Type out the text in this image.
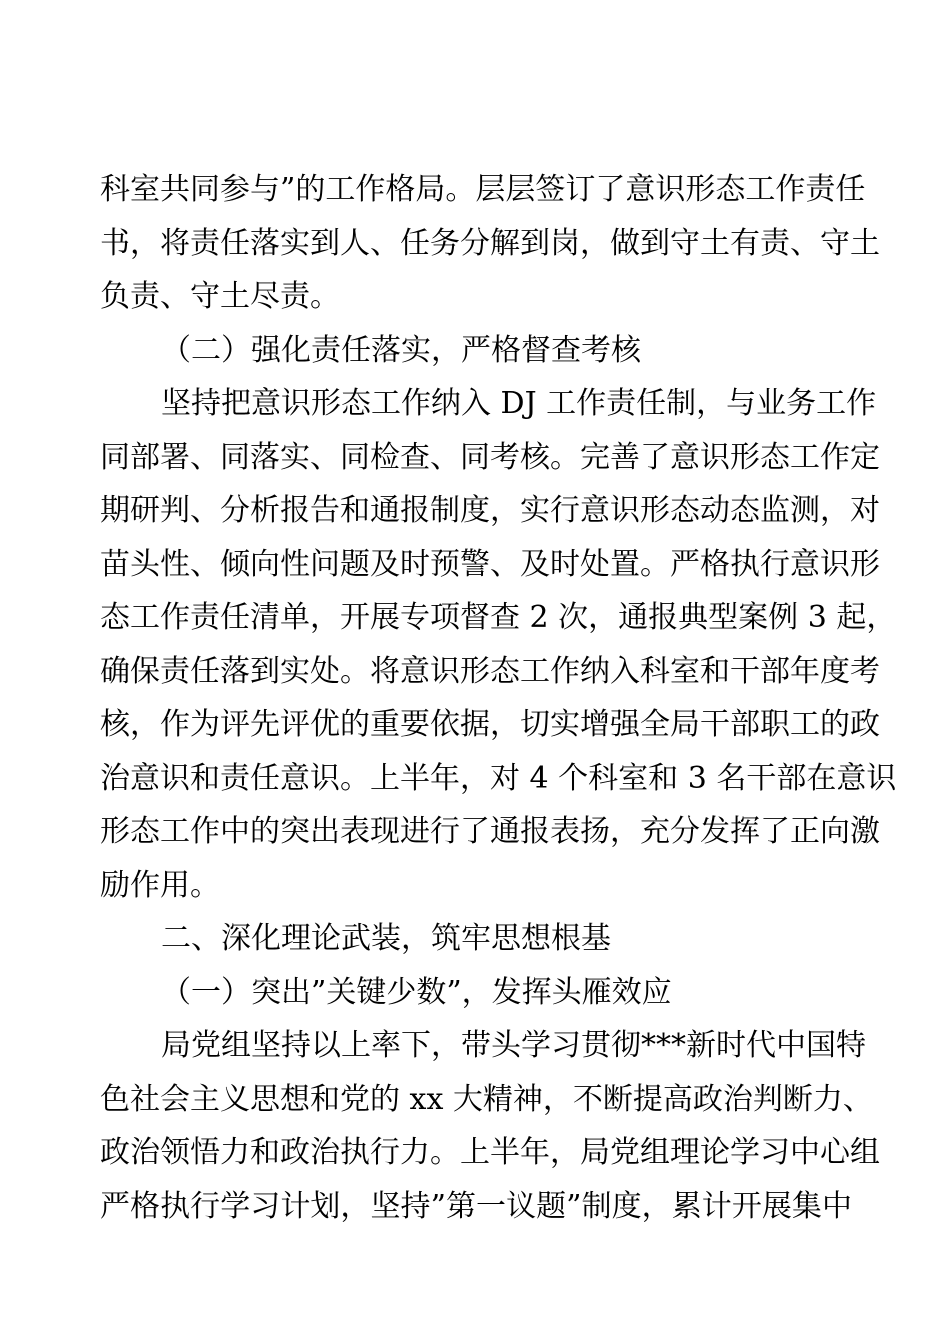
科室共同参与”的工作格局。层层签订了意识形态工作责任
书，将责任落实到人、任务分解到岗，做到守土有责、守土
负责、守土尽责。
（二）强化责任落实，严格督查考核
坚持把意识形态工作纳入 DJ 工作责任制，与业务工作
同部署、同落实、同检查、同考核。完善了意识形态工作定
期研判、分析报告和通报制度，实行意识形态动态监测，对
苗头性、倾向性问题及时预警、及时处置。严格执行意识形
态工作责任清单，开展专项督查 2 次，通报典型案例 3 起，
确保责任落到实处。将意识形态工作纳入科室和干部年度考
核，作为评先评优的重要依据，切实增强全局干部职工的政
治意识和责任意识。上半年，对 4 个科室和 3 名干部在意识
形态工作中的突出表现进行了通报表扬，充分发挥了正向激
励作用。
二、深化理论武装，筑牢思想根基
（一）突出”关键少数”，发挥头雁效应
局党组坚持以上率下，带头学习贯彻***新时代中国特
色社会主义思想和党的 xx 大精神，不断提高政治判断力、
政治领悟力和政治执行力。上半年，局党组理论学习中心组
严格执行学习计划，坚持”第一议题”制度，累计开展集中
